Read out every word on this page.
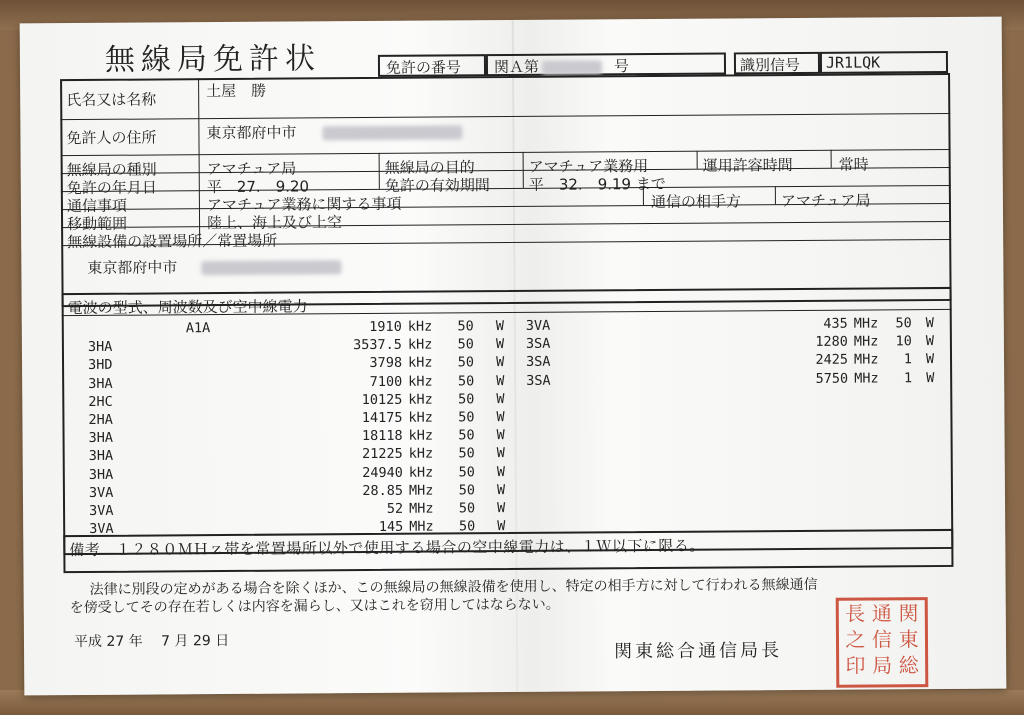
無線局免許状	免許の番号 関Ａ第	号	識別信号 JR1LQK
氏名又は名称	土屋　勝
免許人の住所	東京都府中市
無線局の種別	アマチュア局	無線局の目的	アマチュア業務用	運用許容時間	常時
免許の年月日	平　27.　9.20	免許の有効期間	平　32.　9.19 まで
通信事項	アマチュア業務に関する事項	通信の相手方	アマチュア局
移動範囲	陸上、海上及び上空
無線設備の設置場所／常置場所
東京都府中市
電波の型式、周波数及び空中線電力
A1A	1910 kHz 50 W
3HA	3537.5 kHz 50 W
3HD	3798 kHz 50 W
3HA	7100 kHz 50 W
2HC	10125 kHz 50 W
2HA	14175 kHz 50 W
3HA	18118 kHz 50 W
3HA	21225 kHz 50 W
3HA	24940 kHz 50 W
3VA	28.85 MHz 50 W
3VA	52 MHz 50 W
3VA	145 MHz 50 W
3VA	435 MHz 50 W
3SA	1280 MHz 10 W
3SA	2425 MHz 1 W
3SA	5750 MHz 1 W
備考　１２８０ＭＨｚ帯を常置場所以外で使用する場合の空中線電力は、１Ｗ以下に限る。
法律に別段の定めがある場合を除くほか、この無線局の無線設備を使用し、特定の相手方に対して行われる無線通信
を傍受してその存在若しくは内容を漏らし、又はこれを窃用してはならない。
平成 27 年　 7 月 29 日	関東総合通信局長
長 通 関
之 信 東
印 局 総
